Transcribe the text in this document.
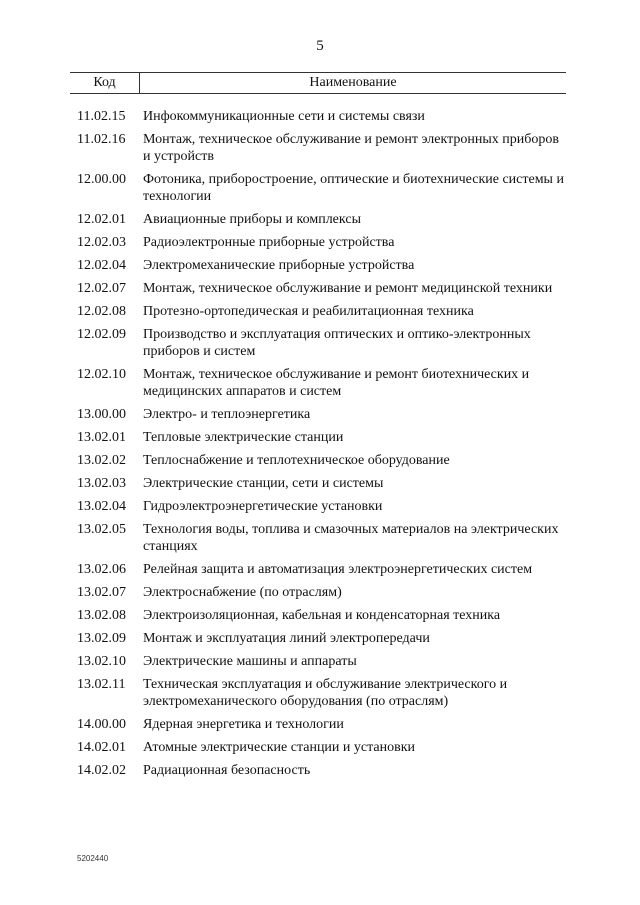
5
Код	Наименование
11.02.15	Инфокоммуникационные сети и системы связи
11.02.16	Монтаж, техническое обслуживание и ремонт электронных приборов и устройств
12.00.00	Фотоника, приборостроение, оптические и биотехнические системы и технологии
12.02.01	Авиационные приборы и комплексы
12.02.03	Радиоэлектронные приборные устройства
12.02.04	Электромеханические приборные устройства
12.02.07	Монтаж, техническое обслуживание и ремонт медицинской техники
12.02.08	Протезно-ортопедическая и реабилитационная техника
12.02.09	Производство и эксплуатация оптических и оптико-электронных приборов и систем
12.02.10	Монтаж, техническое обслуживание и ремонт биотехнических и медицинских аппаратов и систем
13.00.00	Электро- и теплоэнергетика
13.02.01	Тепловые электрические станции
13.02.02	Теплоснабжение и теплотехническое оборудование
13.02.03	Электрические станции, сети и системы
13.02.04	Гидроэлектроэнергетические установки
13.02.05	Технология воды, топлива и смазочных материалов на электрических станциях
13.02.06	Релейная защита и автоматизация электроэнергетических систем
13.02.07	Электроснабжение (по отраслям)
13.02.08	Электроизоляционная, кабельная и конденсаторная техника
13.02.09	Монтаж и эксплуатация линий электропередачи
13.02.10	Электрические машины и аппараты
13.02.11	Техническая эксплуатация и обслуживание электрического и электромеханического оборудования (по отраслям)
14.00.00	Ядерная энергетика и технологии
14.02.01	Атомные электрические станции и установки
14.02.02	Радиационная безопасность
5202440
